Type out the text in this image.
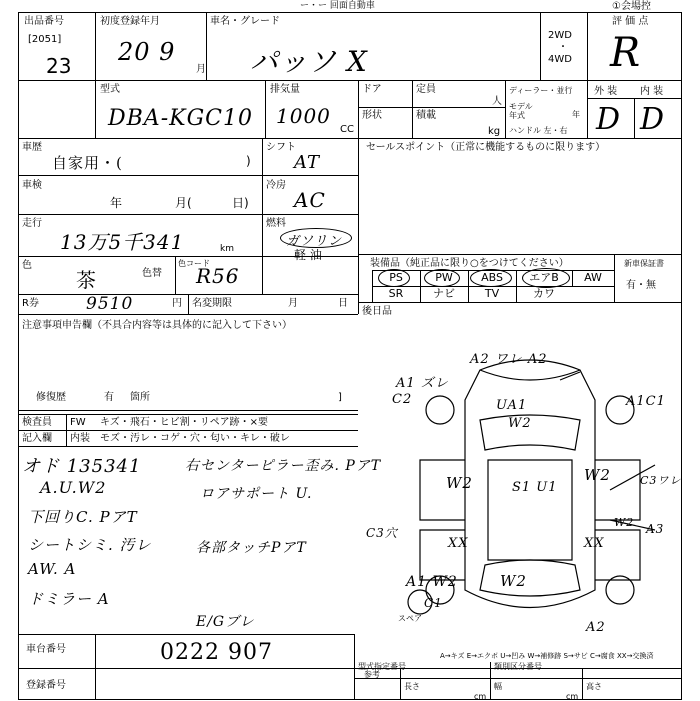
ー・ー 回面自動車	①会場控
出品番号
[2051]
23
初度登録年月
20 9
月
車名・グレード
パッソ X
2WD
・
4WD
評 価 点
R
型式
DBA-KGC10
排気量
1000
CC
ドア
形状
定員
人
積載
kg
ディーラー・並行
モデル 年式	年
ハンドル 左・右
外 装 内 装
D D
車歴
自家用・(	)
シフト
AT
車検
年	月(	日)
冷房
AC
走行
13万5千341	km
燃料
ガソリン
軽 油
色
茶	色替
色コード
R56
R券	9510	円 名変期限	月	日
注意事項申告欄（不具合内容等は具体的に記入して下さい）
修復歴	有 箇所	]
セールスポイント（正常に機能するものに限ります）
装備品（純正品に限り○をつけてください）	新車保証書
有・無
PS	PW	ABS	エアB	AW
SR	ナビ	TV	カワ
後日品
検査員
記入欄
FW キズ・飛石・ヒビ割・リペア跡・×要
内装 モズ・汚レ・コゲ・穴・匂い・キレ・破レ
オド 135341
A.U.W2
下回りC. PアT
シートシミ. 汚レ
AW. A
ドミラー A
右センターピラー歪み. PアT
ロアサポート U.
各部タッチPアT
E/Gブレ
A2 ワレ A2
A1 ズレ
C2	A1C1
UA1
W2
W2	S1 U1
W2	C3ワレ
C3穴
W2 A3
XX	XX
A1 W2	W2
C1
スペア
A2
A→キズ E→エクボ U→凹み W→補修跡 S→サビ C→腐食 XX→交換済
車台番号	0222 907
登録番号
型式指定番号
参考
類別区分番号
長さ	幅	高さ
cm	cm
